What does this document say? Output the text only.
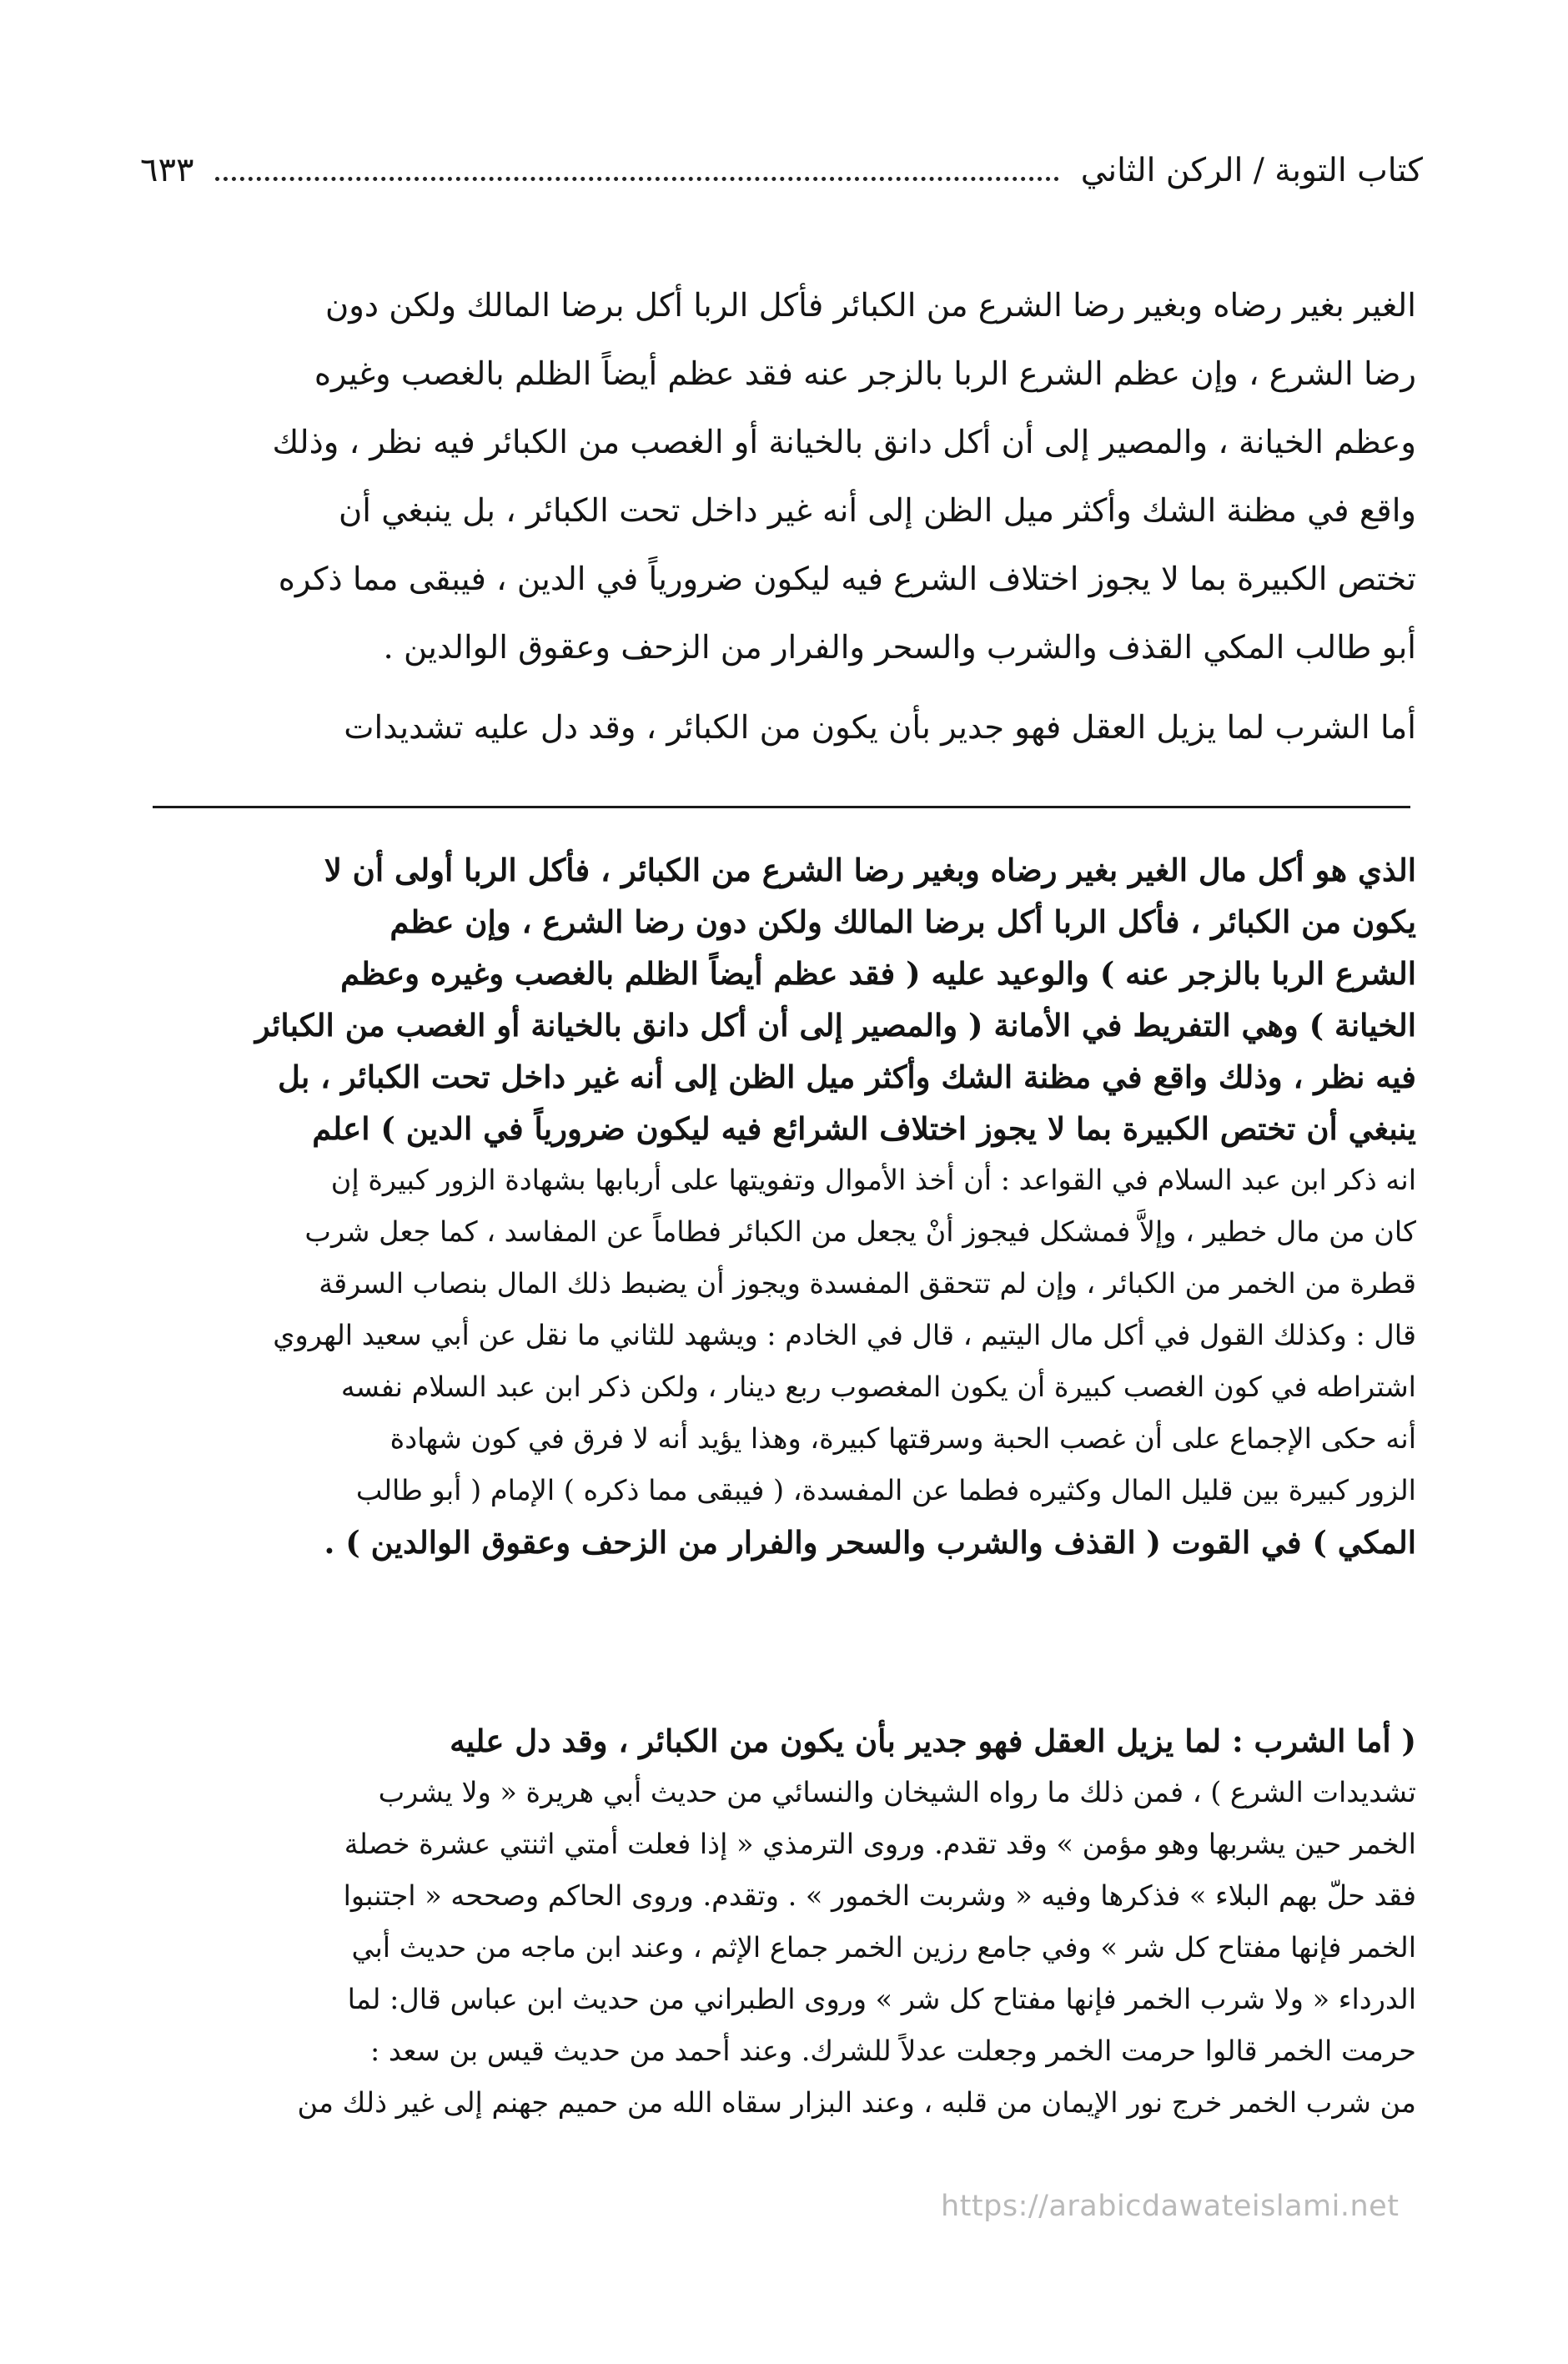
كتاب التوبة / الركن الثاني
٦٣٣
الغير بغير رضاه وبغير رضا الشرع من الكبائر فأكل الربا أكل برضا المالك ولكن دون
رضا الشرع ، وإن عظم الشرع الربا بالزجر عنه فقد عظم أيضاً الظلم بالغصب وغيره
وعظم الخيانة ، والمصير إلى أن أكل دانق بالخيانة أو الغصب من الكبائر فيه نظر ، وذلك
واقع في مظنة الشك وأكثر ميل الظن إلى أنه غير داخل تحت الكبائر ، بل ينبغي أن
تختص الكبيرة بما لا يجوز اختلاف الشرع فيه ليكون ضرورياً في الدين ، فيبقى مما ذكره
أبو طالب المكي القذف والشرب والسحر والفرار من الزحف وعقوق الوالدين .
أما الشرب لما يزيل العقل فهو جدير بأن يكون من الكبائر ، وقد دل عليه تشديدات
الذي هو أكل مال الغير بغير رضاه وبغير رضا الشرع من الكبائر ، فأكل الربا أولى أن لا
يكون من الكبائر ، فأكل الربا أكل برضا المالك ولكن دون رضا الشرع ، وإن عظم
الشرع الربا بالزجر عنه ) والوعيد عليه ( فقد عظم أيضاً الظلم بالغصب وغيره وعظم
الخيانة ) وهي التفريط في الأمانة ( والمصير إلى أن أكل دانق بالخيانة أو الغصب من الكبائر
فيه نظر ، وذلك واقع في مظنة الشك وأكثر ميل الظن إلى أنه غير داخل تحت الكبائر ، بل
ينبغي أن تختص الكبيرة بما لا يجوز اختلاف الشرائع فيه ليكون ضرورياً في الدين ) اعلم
انه ذكر ابن عبد السلام في القواعد : أن أخذ الأموال وتفويتها على أربابها بشهادة الزور كبيرة إن
كان من مال خطير ، وإلاَّ فمشكل فيجوز أنْ يجعل من الكبائر فطاماً عن المفاسد ، كما جعل شرب
قطرة من الخمر من الكبائر ، وإن لم تتحقق المفسدة ويجوز أن يضبط ذلك المال بنصاب السرقة
قال : وكذلك القول في أكل مال اليتيم ، قال في الخادم : ويشهد للثاني ما نقل عن أبي سعيد الهروي
اشتراطه في كون الغصب كبيرة أن يكون المغصوب ربع دينار ، ولكن ذكر ابن عبد السلام نفسه
أنه حكى الإجماع على أن غصب الحبة وسرقتها كبيرة، وهذا يؤيد أنه لا فرق في كون شهادة
الزور كبيرة بين قليل المال وكثيره فطما عن المفسدة، ( فيبقى مما ذكره ) الإمام ( أبو طالب
المكي ) في القوت ( القذف والشرب والسحر والفرار من الزحف وعقوق الوالدين ) .
( أما الشرب : لما يزيل العقل فهو جدير بأن يكون من الكبائر ، وقد دل عليه
تشديدات الشرع ) ، فمن ذلك ما رواه الشيخان والنسائي من حديث أبي هريرة « ولا يشرب
الخمر حين يشربها وهو مؤمن » وقد تقدم. وروى الترمذي « إذا فعلت أمتي اثنتي عشرة خصلة
فقد حلّ بهم البلاء » فذكرها وفيه « وشربت الخمور » . وتقدم. وروى الحاكم وصححه « اجتنبوا
الخمر فإنها مفتاح كل شر » وفي جامع رزين الخمر جماع الإثم ، وعند ابن ماجه من حديث أبي
الدرداء « ولا شرب الخمر فإنها مفتاح كل شر » وروى الطبراني من حديث ابن عباس قال: لما
حرمت الخمر قالوا حرمت الخمر وجعلت عدلاً للشرك. وعند أحمد من حديث قيس بن سعد :
من شرب الخمر خرج نور الإيمان من قلبه ، وعند البزار سقاه الله من حميم جهنم إلى غير ذلك من
https://arabicdawateislami.net
